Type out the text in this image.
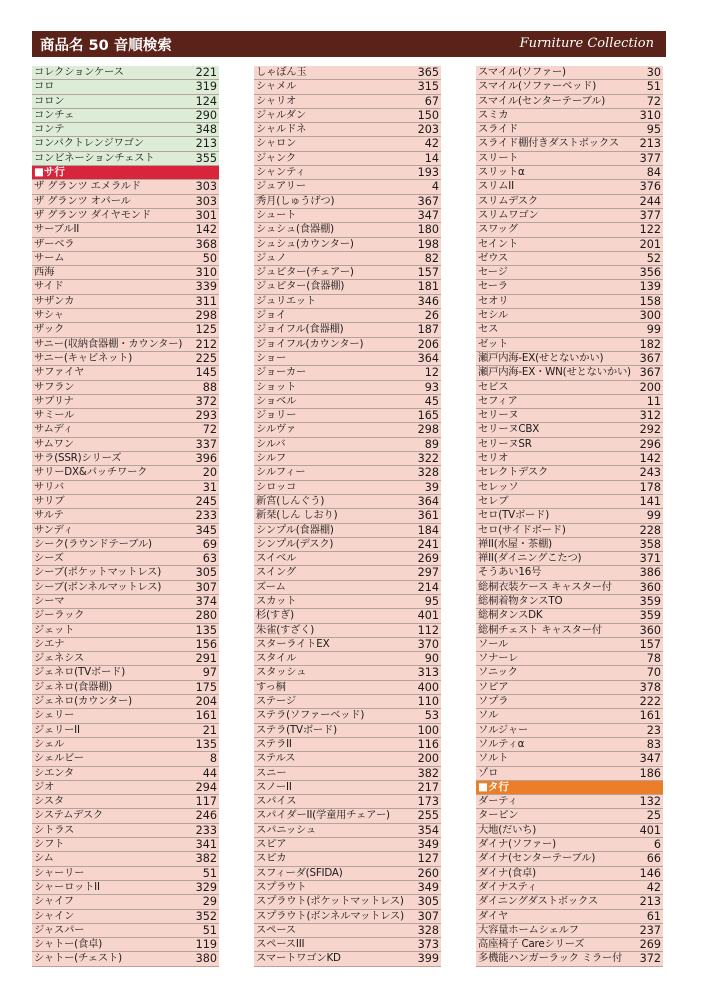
商品名 50 音順検索	Furniture Collection
コレクションケース	221
コロ	319
コロン	124
コンチェ	290
コンテ	348
コンパクトレンジワゴン	213
コンビネーションチェスト	355
■サ行
ザ グランツ エメラルド	303
ザ グランツ オパール	303
ザ グランツ ダイヤモンド	301
サーブルII	142
ザーベラ	368
サーム	50
西海	310
サイド	339
サザンカ	311
サシャ	298
ザック	125
サニー(収納食器棚・カウンター) 212
サニー(キャビネット)	225
サファイヤ	145
サフラン	88
サブリナ	372
サミール	293
サムディ	72
サムワン	337
サラ(SSR)シリーズ	396
サリーDX&パッチワーク	20
サリバ	31
サリブ	245
サルテ	233
サンディ	345
シーク(ラウンドテーブル)	69
シーズ	63
シーブ(ポケットマットレス)	305
シーブ(ボンネルマットレス)	307
シーマ	374
ジーラック	280
ジェット	135
シエナ	156
ジェネシス	291
ジェネロ(TVボード)	97
ジェネロ(食器棚)	175
ジェネロ(カウンター)	204
シェリー	161
ジェリーII	21
シェル	135
シェルビー	8
シエンタ	44
ジオ	294
シスタ	117
システムデスク	246
シトラス	233
シフト	341
シム	382
シャーリー	51
シャーロットII	329
シャイフ	29
シャイン	352
ジャスパー	51
シャトー(食卓)	119
シャトー(チェスト)	380
しゃぼん玉	365
シャメル	315
シャリオ	67
ジャルダン	150
シャルドネ	203
シャロン	42
ジャンク	14
シャンティ	193
ジュアリー	4
秀月(しゅうげつ)	367
シュート	347
シュシュ(食器棚)	180
シュシュ(カウンター)	198
ジュノ	82
ジュピター(チェアー)	157
ジュピター(食器棚)	181
ジュリエット	346
ジョイ	26
ジョイフル(食器棚)	187
ジョイフル(カウンター)	206
ショー	364
ジョーカー	12
ショット	93
ショベル	45
ジョリー	165
シルヴァ	298
シルバ	89
シルフ	322
シルフィー	328
シロッコ	39
新宮(しんぐう)	364
新栞(しん しおり)	361
シンプル(食器棚)	184
シンプル(デスク)	241
スイベル	269
スイング	297
ズーム	214
スカット	95
杉(すぎ)	401
朱雀(すざく)	112
スターライトEX	370
スタイル	90
スタッシュ	313
すっ桐	400
ステージ	110
ステラ(ソファーベッド)	53
ステラ(TVボード)	100
ステラII	116
ステルス	200
スニー	382
スノーII	217
スパイス	173
スパイダーII(学童用チェアー) 255
スパニッシュ	354
スピア	349
スピカ	127
スフィーダ(SFIDA)	260
スプラウト	349
スプラウト(ポケットマットレス) 305
スプラウト(ボンネルマットレス) 307
スペース	328
スペースIII	373
スマートワゴンKD	399
スマイル(ソファー)	30
スマイル(ソファーベッド)	51
スマイル(センターテーブル)	72
スミカ	310
スライド	95
スライド棚付きダストボックス 213
スリート	377
スリットα	84
スリムII	376
スリムデスク	244
スリムワゴン	377
スワッグ	122
セイント	201
ゼウス	52
セージ	356
セーラ	139
セオリ	158
セシル	300
セス	99
ゼット	182
瀬戸内海-EX(せとないかい)	367
瀬戸内海-EX・WN(せとないかい) 367
セビス	200
セフィア	11
セリーヌ	312
セリーヌCBX	292
セリーヌSR	296
セリオ	142
セレクトデスク	243
セレッソ	178
セレブ	141
セロ(TVボード)	99
セロ(サイドボード)	228
禅II(水屋・茶棚)	358
禅II(ダイニングこたつ)	371
そうあい16号	386
総桐衣装ケース キャスター付 360
総桐着物タンスTO	359
総桐タンスDK	359
総桐チェスト キャスター付	360
ソール	157
ソナーレ	78
ソニック	70
ソピア	378
ソプラ	222
ソル	161
ソルジャー	23
ソルティα	83
ソルト	347
ゾロ	186
■タ行
ダーティ	132
ターピン	25
大地(だいち)	401
ダイナ(ソファー)	6
ダイナ(センターテーブル)	66
ダイナ(食卓)	146
ダイナスティ	42
ダイニングダストボックス	213
ダイヤ	61
大容量ホームシェルフ	237
高座椅子 Careシリーズ	269
多機能ハンガーラック ミラー付 372
